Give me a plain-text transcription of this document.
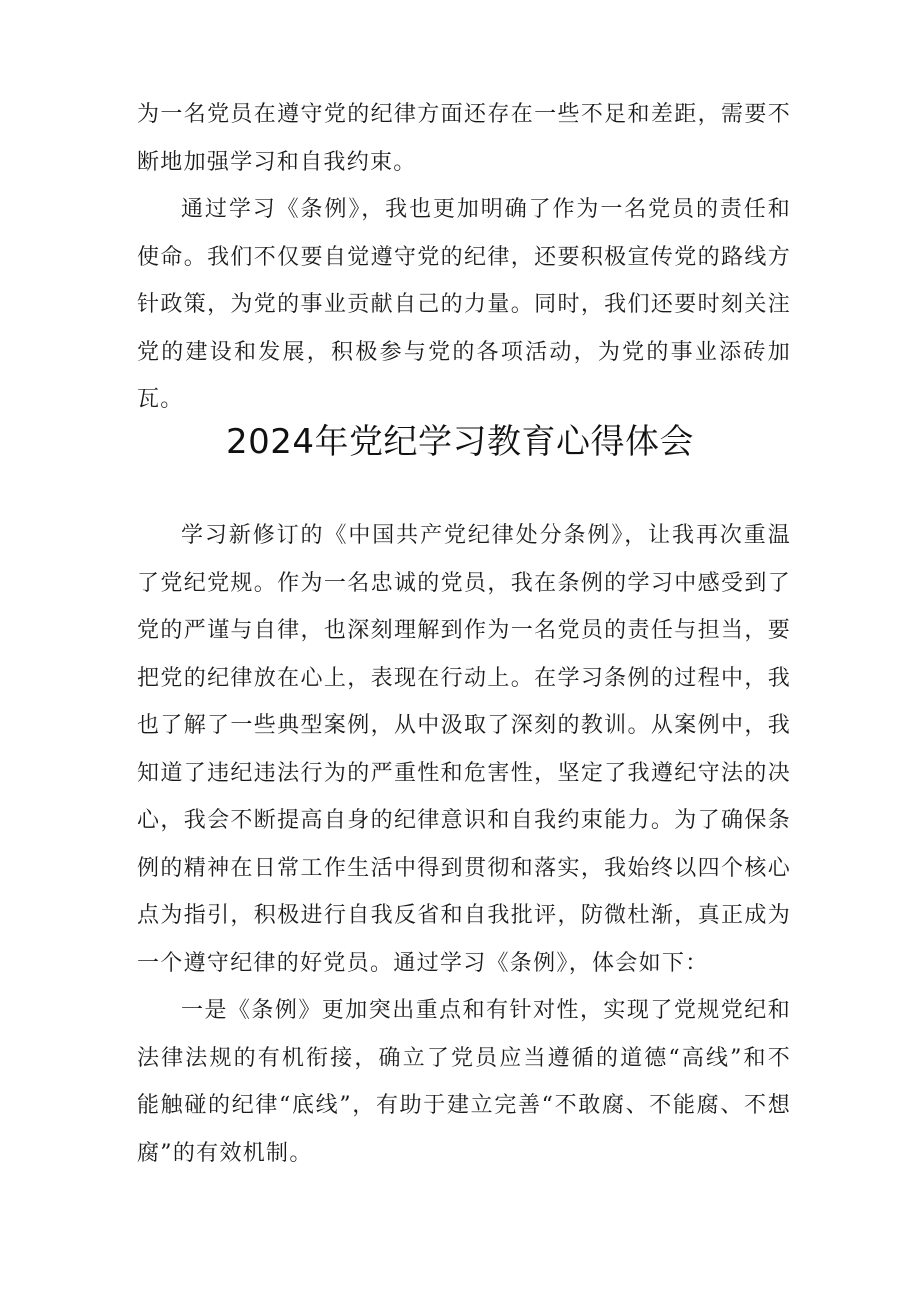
为一名党员在遵守党的纪律方面还存在一些不足和差距，需要不断地加强学习和自我约束。

通过学习《条例》，我也更加明确了作为一名党员的责任和使命。我们不仅要自觉遵守党的纪律，还要积极宣传党的路线方针政策，为党的事业贡献自己的力量。同时，我们还要时刻关注党的建设和发展，积极参与党的各项活动，为党的事业添砖加瓦。

2024年党纪学习教育心得体会

学习新修订的《中国共产党纪律处分条例》，让我再次重温了党纪党规。作为一名忠诚的党员，我在条例的学习中感受到了党的严谨与自律，也深刻理解到作为一名党员的责任与担当，要把党的纪律放在心上，表现在行动上。在学习条例的过程中，我也了解了一些典型案例，从中汲取了深刻的教训。从案例中，我知道了违纪违法行为的严重性和危害性，坚定了我遵纪守法的决心，我会不断提高自身的纪律意识和自我约束能力。为了确保条例的精神在日常工作生活中得到贯彻和落实，我始终以四个核心点为指引，积极进行自我反省和自我批评，防微杜渐，真正成为一个遵守纪律的好党员。通过学习《条例》，体会如下：

一是《条例》更加突出重点和有针对性，实现了党规党纪和法律法规的有机衔接，确立了党员应当遵循的道德“高线”和不能触碰的纪律“底线”，有助于建立完善“不敢腐、不能腐、不想腐”的有效机制。
